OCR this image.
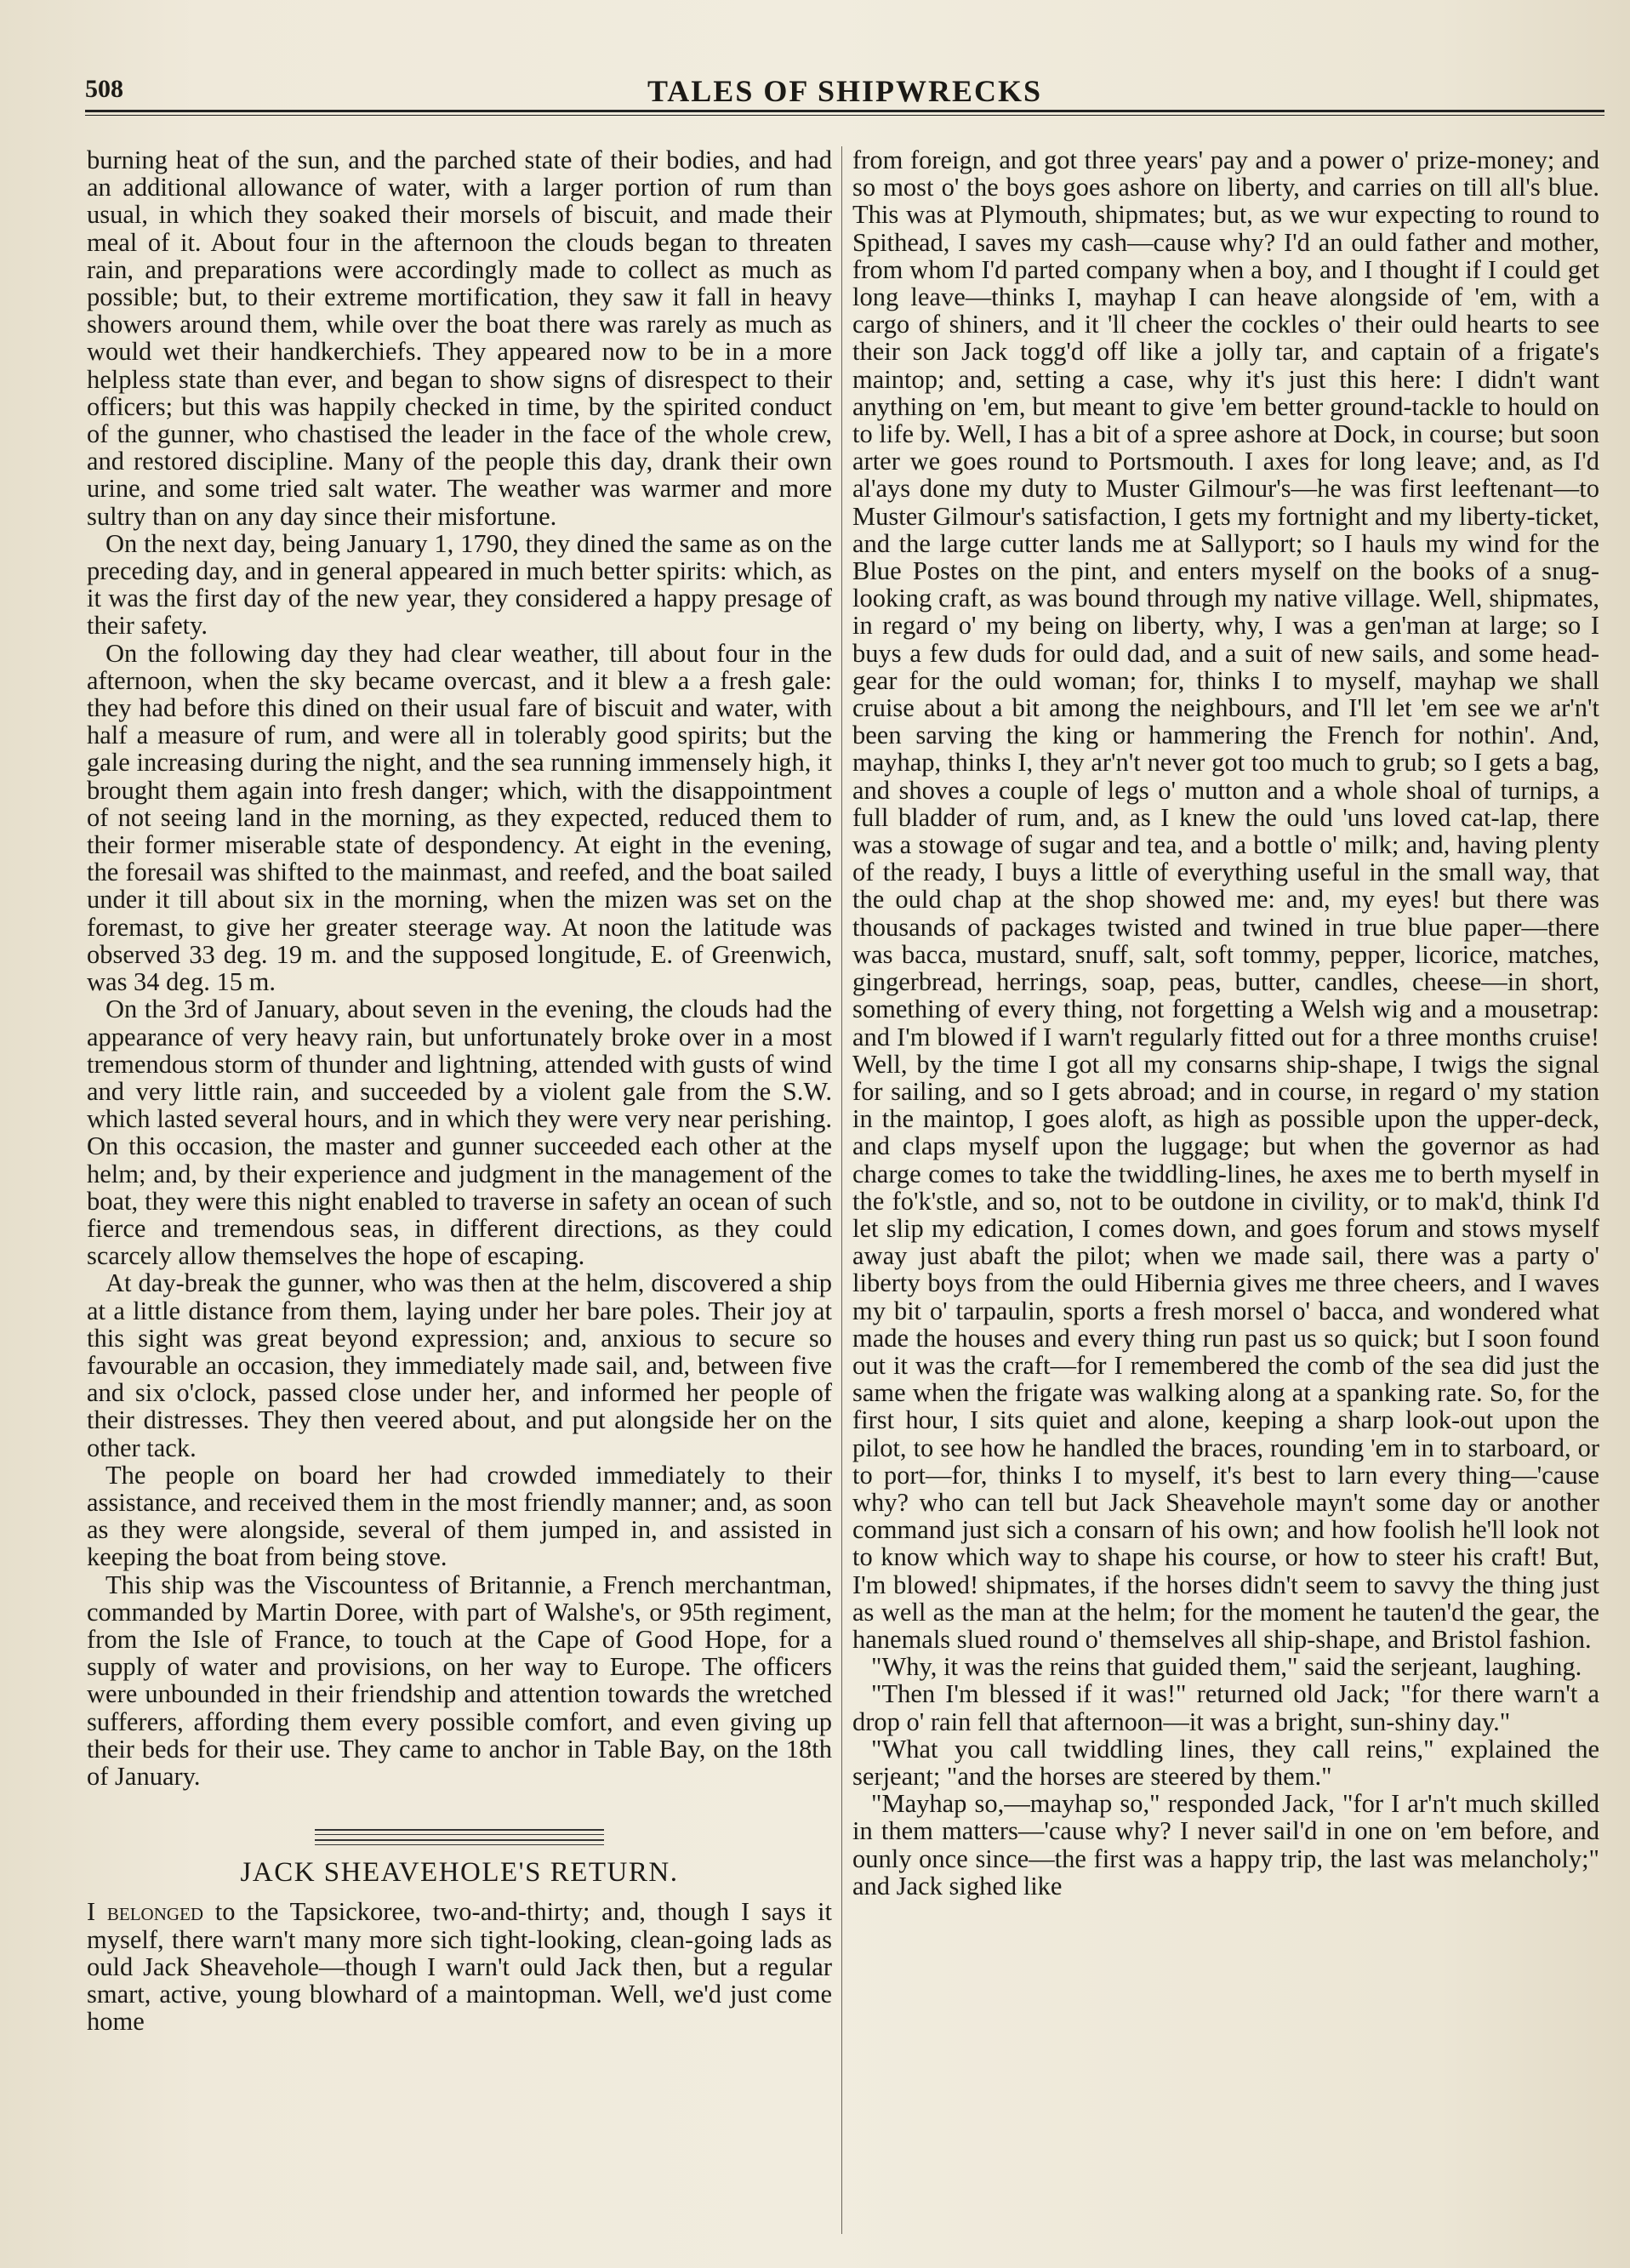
508	TALES OF SHIPWRECKS

burning heat of the sun, and the parched state of their bodies, and had an additional allowance of water, with a larger portion of rum than usual, in which they soaked their morsels of biscuit, and made their meal of it. About four in the afternoon the clouds began to threaten rain, and preparations were accordingly made to collect as much as possible; but, to their extreme mortification, they saw it fall in heavy showers around them, while over the boat there was rarely as much as would wet their handkerchiefs. They appeared now to be in a more helpless state than ever, and began to show signs of disrespect to their officers; but this was happily checked in time, by the spirited conduct of the gunner, who chastised the leader in the face of the whole crew, and restored discipline. Many of the people this day, drank their own urine, and some tried salt water. The weather was warmer and more sultry than on any day since their misfortune.

On the next day, being January 1, 1790, they dined the same as on the preceding day, and in general appeared in much better spirits: which, as it was the first day of the new year, they considered a happy presage of their safety.

On the following day they had clear weather, till about four in the afternoon, when the sky became overcast, and it blew a a fresh gale: they had before this dined on their usual fare of biscuit and water, with half a measure of rum, and were all in tolerably good spirits; but the gale increasing during the night, and the sea running immensely high, it brought them again into fresh danger; which, with the disappointment of not seeing land in the morning, as they expected, reduced them to their former miserable state of despondency. At eight in the evening, the foresail was shifted to the mainmast, and reefed, and the boat sailed under it till about six in the morning, when the mizen was set on the foremast, to give her greater steerage way. At noon the latitude was observed 33 deg. 19 m. and the supposed longitude, E. of Greenwich, was 34 deg. 15 m.

On the 3rd of January, about seven in the evening, the clouds had the appearance of very heavy rain, but unfortunately broke over in a most tremendous storm of thunder and lightning, attended with gusts of wind and very little rain, and succeeded by a violent gale from the S.W. which lasted several hours, and in which they were very near perishing. On this occasion, the master and gunner succeeded each other at the helm; and, by their experience and judgment in the management of the boat, they were this night enabled to traverse in safety an ocean of such fierce and tremendous seas, in different directions, as they could scarcely allow themselves the hope of escaping.

At day-break the gunner, who was then at the helm, discovered a ship at a little distance from them, laying under her bare poles. Their joy at this sight was great beyond expression; and, anxious to secure so favourable an occasion, they immediately made sail, and, between five and six o'clock, passed close under her, and informed her people of their distresses. They then veered about, and put alongside her on the other tack.

The people on board her had crowded immediately to their assistance, and received them in the most friendly manner; and, as soon as they were alongside, several of them jumped in, and assisted in keeping the boat from being stove.

This ship was the Viscountess of Britannie, a French merchantman, commanded by Martin Doree, with part of Walshe's, or 95th regiment, from the Isle of France, to touch at the Cape of Good Hope, for a supply of water and provisions, on her way to Europe. The officers were unbounded in their friendship and attention towards the wretched sufferers, affording them every possible comfort, and even giving up their beds for their use. They came to anchor in Table Bay, on the 18th of January.

JACK SHEAVEHOLE'S RETURN.

I belonged to the Tapsickoree, two-and-thirty; and, though I says it myself, there warn't many more sich tight-looking, clean-going lads as ould Jack Sheavehole—though I warn't ould Jack then, but a regular smart, active, young blowhard of a maintopman. Well, we'd just come home

from foreign, and got three years' pay and a power o' prize-money; and so most o' the boys goes ashore on liberty, and carries on till all's blue. This was at Plymouth, shipmates; but, as we wur expecting to round to Spithead, I saves my cash—cause why? I'd an ould father and mother, from whom I'd parted company when a boy, and I thought if I could get long leave—thinks I, mayhap I can heave alongside of 'em, with a cargo of shiners, and it 'll cheer the cockles o' their ould hearts to see their son Jack togg'd off like a jolly tar, and captain of a frigate's maintop; and, setting a case, why it's just this here: I didn't want anything on 'em, but meant to give 'em better ground-tackle to hould on to life by. Well, I has a bit of a spree ashore at Dock, in course; but soon arter we goes round to Portsmouth. I axes for long leave; and, as I'd al'ays done my duty to Muster Gilmour's—he was first leeftenant—to Muster Gilmour's satisfaction, I gets my fortnight and my liberty-ticket, and the large cutter lands me at Sallyport; so I hauls my wind for the Blue Postes on the pint, and enters myself on the books of a snug-looking craft, as was bound through my native village. Well, shipmates, in regard o' my being on liberty, why, I was a gen'man at large; so I buys a few duds for ould dad, and a suit of new sails, and some head-gear for the ould woman; for, thinks I to myself, mayhap we shall cruise about a bit among the neighbours, and I'll let 'em see we ar'n't been sarving the king or hammering the French for nothin'. And, mayhap, thinks I, they ar'n't never got too much to grub; so I gets a bag, and shoves a couple of legs o' mutton and a whole shoal of turnips, a full bladder of rum, and, as I knew the ould 'uns loved cat-lap, there was a stowage of sugar and tea, and a bottle o' milk; and, having plenty of the ready, I buys a little of everything useful in the small way, that the ould chap at the shop showed me: and, my eyes! but there was thousands of packages twisted and twined in true blue paper—there was bacca, mustard, snuff, salt, soft tommy, pepper, licorice, matches, gingerbread, herrings, soap, peas, butter, candles, cheese—in short, something of every thing, not forgetting a Welsh wig and a mousetrap: and I'm blowed if I warn't regularly fitted out for a three months cruise! Well, by the time I got all my consarns ship-shape, I twigs the signal for sailing, and so I gets abroad; and in course, in regard o' my station in the maintop, I goes aloft, as high as possible upon the upper-deck, and claps myself upon the luggage; but when the governor as had charge comes to take the twiddling-lines, he axes me to berth myself in the fo'k'stle, and so, not to be outdone in civility, or to mak'd, think I'd let slip my edication, I comes down, and goes forum and stows myself away just abaft the pilot; when we made sail, there was a party o' liberty boys from the ould Hibernia gives me three cheers, and I waves my bit o' tarpaulin, sports a fresh morsel o' bacca, and wondered what made the houses and every thing run past us so quick; but I soon found out it was the craft—for I remembered the comb of the sea did just the same when the frigate was walking along at a spanking rate. So, for the first hour, I sits quiet and alone, keeping a sharp look-out upon the pilot, to see how he handled the braces, rounding 'em in to starboard, or to port—for, thinks I to myself, it's best to larn every thing—'cause why? who can tell but Jack Sheavehole mayn't some day or another command just sich a consarn of his own; and how foolish he'll look not to know which way to shape his course, or how to steer his craft! But, I'm blowed! shipmates, if the horses didn't seem to savvy the thing just as well as the man at the helm; for the moment he tauten'd the gear, the hanemals slued round o' themselves all ship-shape, and Bristol fashion.

"Why, it was the reins that guided them," said the serjeant, laughing.

"Then I'm blessed if it was!" returned old Jack; "for there warn't a drop o' rain fell that afternoon—it was a bright, sun-shiny day."

"What you call twiddling lines, they call reins," explained the serjeant; "and the horses are steered by them."

"Mayhap so,—mayhap so," responded Jack, "for I ar'n't much skilled in them matters—'cause why? I never sail'd in one on 'em before, and ounly once since—the first was a happy trip, the last was melancholy;" and Jack sighed like
